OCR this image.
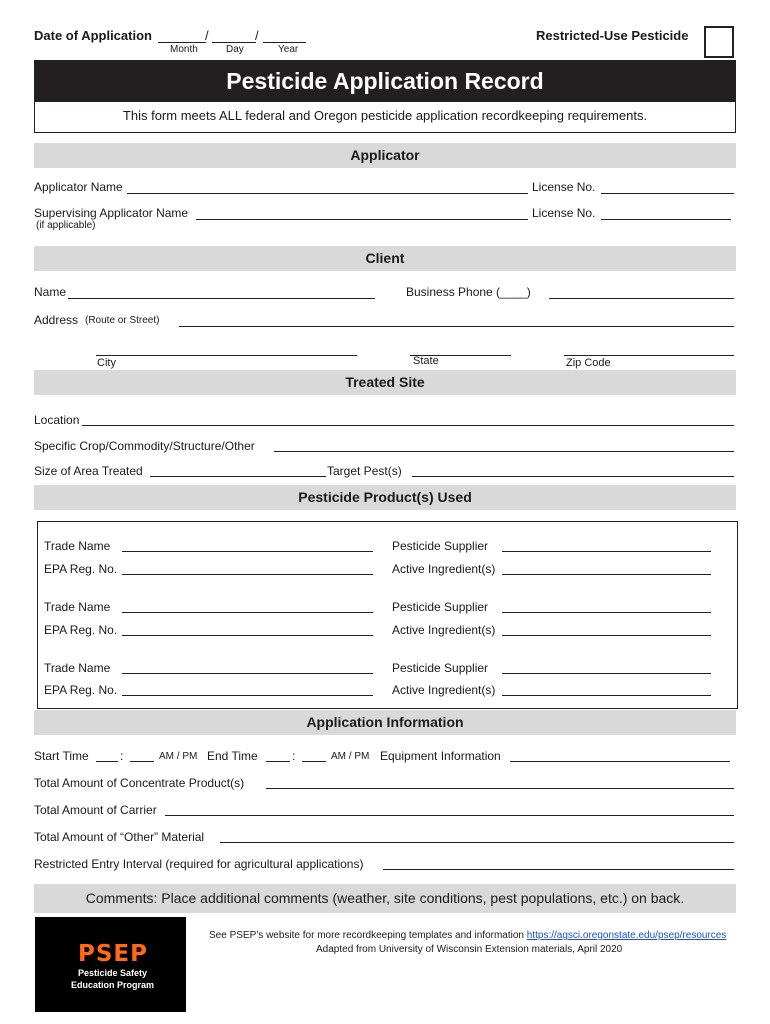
Date of Application	/	/
Month	Day	Year
Restricted-Use Pesticide
Pesticide Application Record
This form meets ALL federal and Oregon pesticide application recordkeeping requirements.
Applicator
Applicator Name	License No.
Supervising Applicator Name	License No.
(if applicable)
Client
Name	Business Phone (____)
Address (Route or Street)
City	State	Zip Code
Treated Site
Location
Specific Crop/Commodity/Structure/Other
Size of Area Treated	Target Pest(s)
Pesticide Product(s) Used
Trade Name	Pesticide Supplier
EPA Reg. No.	Active Ingredient(s)
Trade Name	Pesticide Supplier
EPA Reg. No.	Active Ingredient(s)
Trade Name	Pesticide Supplier
EPA Reg. No.	Active Ingredient(s)
Application Information
Start Time	:	AM / PM End Time	:	AM / PM Equipment Information
Total Amount of Concentrate Product(s)
Total Amount of Carrier
Total Amount of “Other” Material
Restricted Entry Interval (required for agricultural applications)
Comments: Place additional comments (weather, site conditions, pest populations, etc.) on back.
PSEP
Pesticide Safety
Education Program
See PSEP’s website for more recordkeeping templates and information https://agsci.oregonstate.edu/psep/resources
Adapted from University of Wisconsin Extension materials, April 2020
